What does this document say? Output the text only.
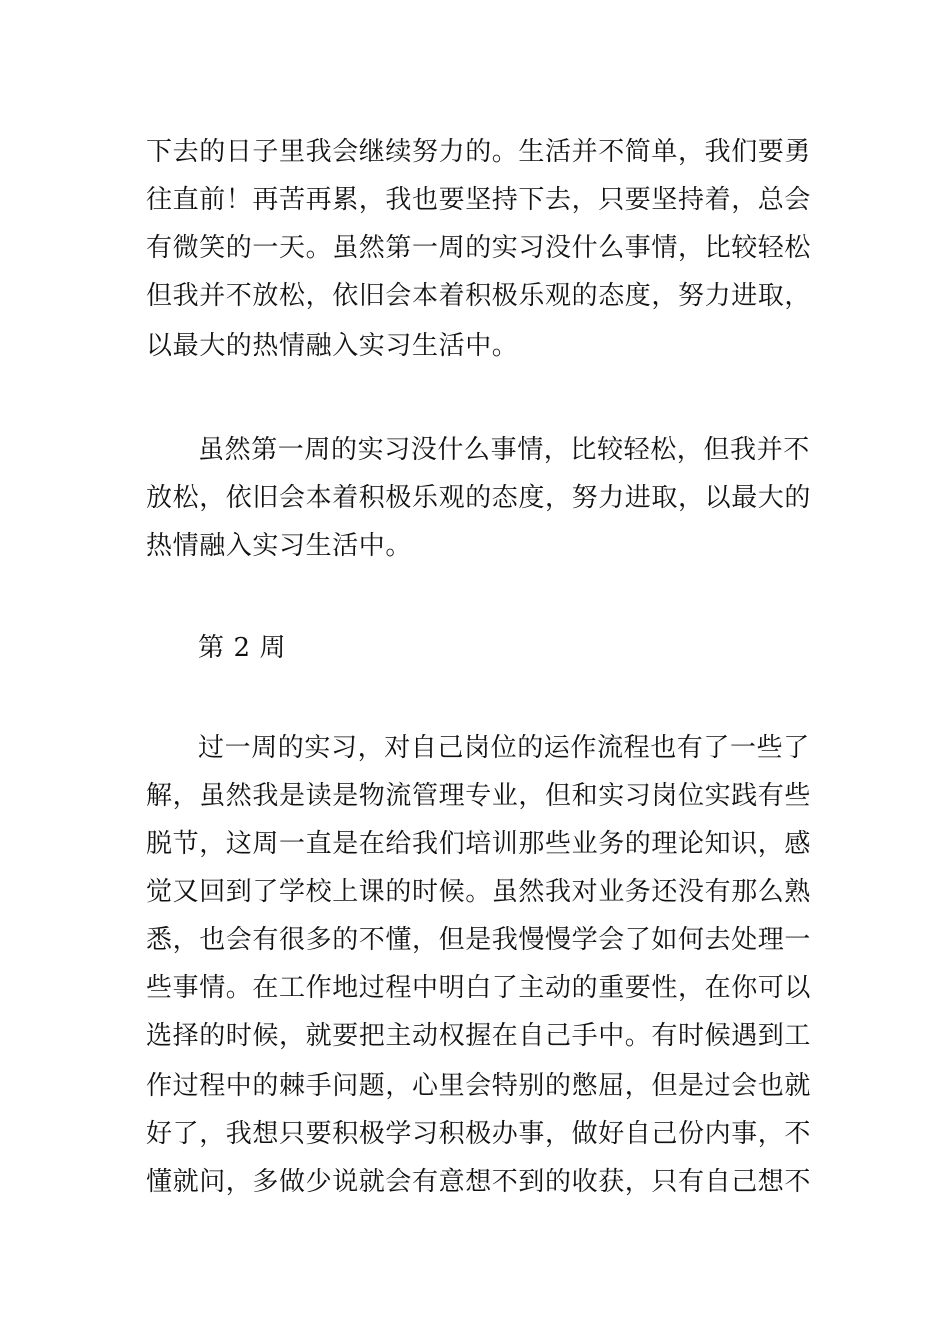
下去的日子里我会继续努力的。生活并不简单，我们要勇
往直前！再苦再累，我也要坚持下去，只要坚持着，总会
有微笑的一天。虽然第一周的实习没什么事情，比较轻松
但我并不放松，依旧会本着积极乐观的态度，努力进取，
以最大的热情融入实习生活中。
虽然第一周的实习没什么事情，比较轻松，但我并不
放松，依旧会本着积极乐观的态度，努力进取，以最大的
热情融入实习生活中。
第 2 周
过一周的实习，对自己岗位的运作流程也有了一些了
解，虽然我是读是物流管理专业，但和实习岗位实践有些
脱节，这周一直是在给我们培训那些业务的理论知识，感
觉又回到了学校上课的时候。虽然我对业务还没有那么熟
悉，也会有很多的不懂，但是我慢慢学会了如何去处理一
些事情。在工作地过程中明白了主动的重要性，在你可以
选择的时候，就要把主动权握在自己手中。有时候遇到工
作过程中的棘手问题，心里会特别的憋屈，但是过会也就
好了，我想只要积极学习积极办事，做好自己份内事，不
懂就问，多做少说就会有意想不到的收获，只有自己想不
